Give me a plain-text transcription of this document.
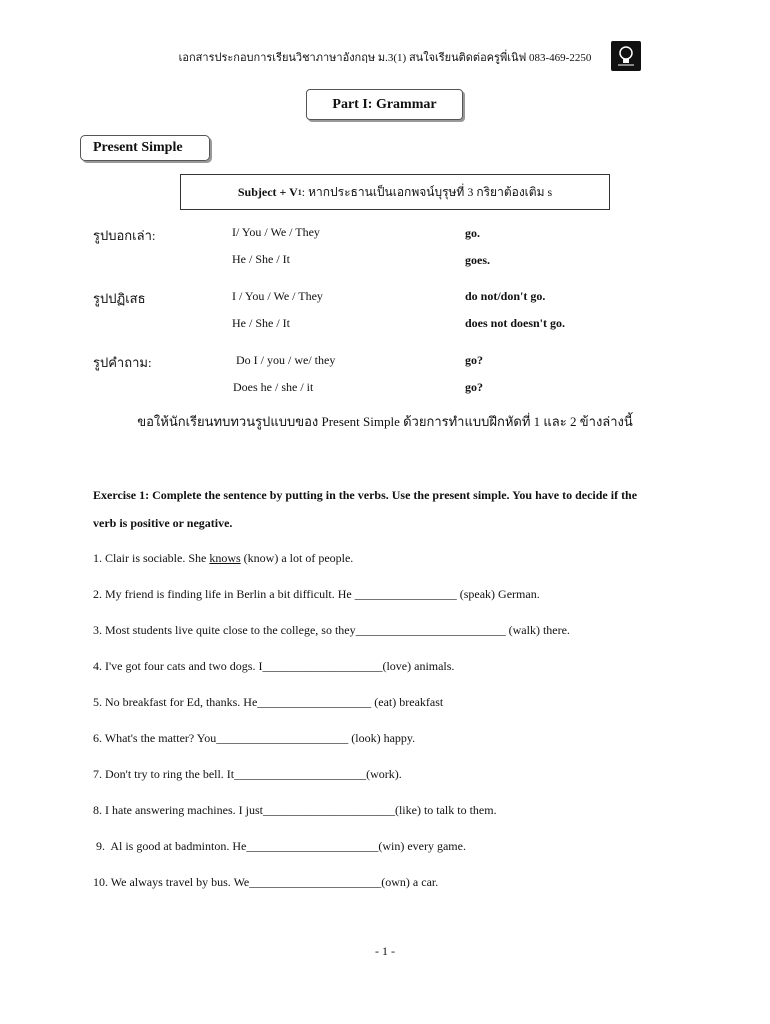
เอกสารประกอบการเรียนวิชาภาษาอังกฤษ ม.3(1) สนใจเรียนติดต่อครูพี่เนิฟ 083-469-2250
Part I: Grammar
Present Simple
Subject + V 1 : หากประธานเป็นเอกพจน์บุรุษที่ 3 กริยาต้องเติม s
รูปบอกเล่า:	I/ You / We / They	go.
He / She / It	goes.
รูปปฏิเสธ	I / You / We / They	do not/don't go.
He / She / It	does not doesn't go.
รูปคำถาม:	Do I / you / we/ they	go?
Does he / she / it	go?
ขอให้นักเรียนทบทวนรูปแบบของ Present Simple ด้วยการทำแบบฝึกหัดที่ 1 และ 2 ข้างล่างนี้
Exercise 1: Complete the sentence by putting in the verbs. Use the present simple. You have to decide if the verb is positive or negative.
1. Clair is sociable. She knows (know) a lot of people.
2. My friend is finding life in Berlin a bit difficult. He _________________ (speak) German.
3. Most students live quite close to the college, so they_________________________ (walk) there.
4. I've got four cats and two dogs. I____________________(love) animals.
5. No breakfast for Ed, thanks. He___________________ (eat) breakfast
6. What's the matter? You______________________ (look) happy.
7. Don't try to ring the bell. It______________________(work).
8. I hate answering machines. I just______________________(like) to talk to them.
9.  Al is good at badminton. He______________________(win) every game.
10. We always travel by bus. We______________________(own) a car.
- 1 -
